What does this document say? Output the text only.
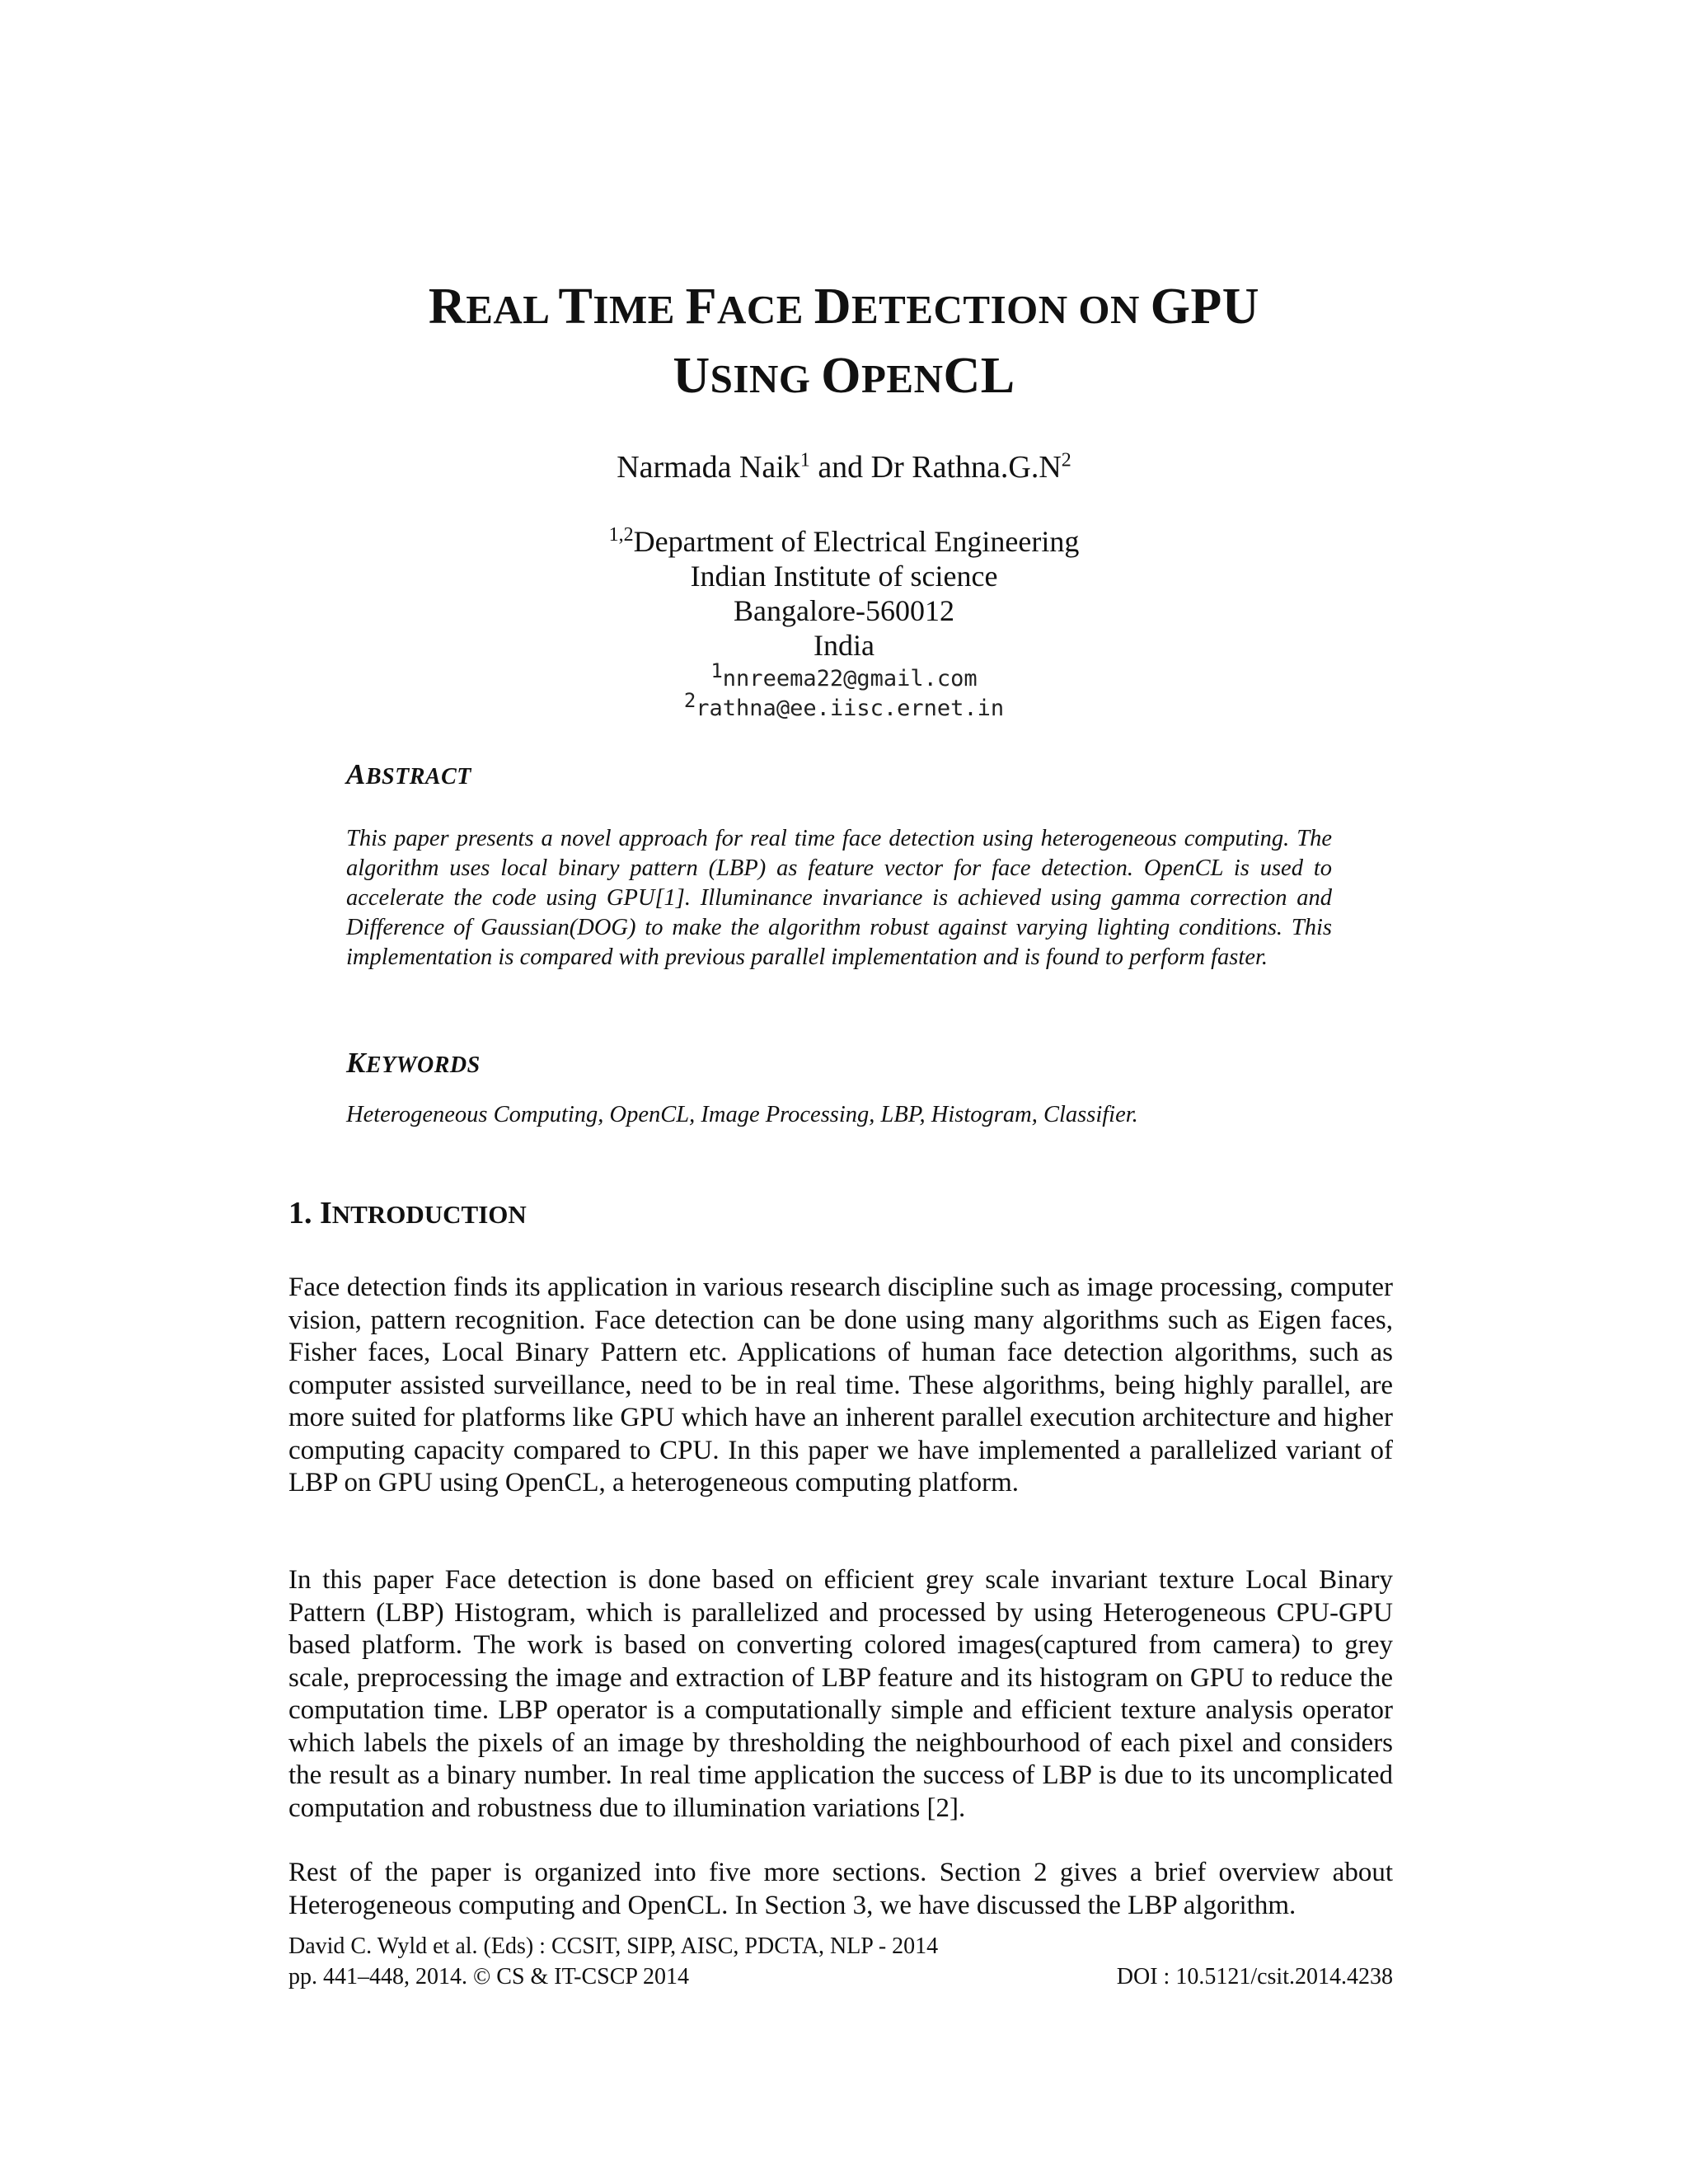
REAL TIME FACE DETECTION ON GPU
USING OPENCL
Narmada Naik$^1$ and Dr $Rathna.G.N^2$
$^{1,2}$Department of Electrical Engineering
Indian Institute of science
Bangalore-560012
India
$^1$nnreema22@gmail.com
$^2$rathna@ee.iisc.ernet.in
ABSTRACT
This paper presents a novel approach for real time face detection using heterogeneous computing. The algorithm uses local binary pattern (LBP) as feature vector for face detection. OpenCL is used to accelerate the code using GPU[1]. Illuminance invariance is achieved using gamma correction and Difference of Gaussian(DOG) to make the algorithm robust against varying lighting conditions. This implementation is compared with previous parallel implementation and is found to perform faster.
KEYWORDS
Heterogeneous Computing, OpenCL, Image Processing, LBP, Histogram, Classifier.
1. INTRODUCTION
Face detection finds its application in various research discipline such as image processing, computer vision, pattern recognition. Face detection can be done using many algorithms such as Eigen faces, Fisher faces, Local Binary Pattern etc. Applications of human face detection algorithms, such as computer assisted surveillance, need to be in real time. These algorithms, being highly parallel, are more suited for platforms like GPU which have an inherent parallel execution architecture and higher computing capacity compared to CPU. In this paper we have implemented a parallelized variant of LBP on GPU using OpenCL, a heterogeneous computing platform.
In this paper Face detection is done based on efficient grey scale invariant texture Local Binary Pattern (LBP) Histogram, which is parallelized and processed by using Heterogeneous CPU-GPU based platform. The work is based on converting colored images(captured from camera) to grey scale, preprocessing the image and extraction of LBP feature and its histogram on GPU to reduce the computation time. LBP operator is a computationally simple and efficient texture analysis operator which labels the pixels of an image by thresholding the neighbourhood of each pixel and considers the result as a binary number. In real time application the success of LBP is due to its uncomplicated computation and robustness due to illumination variations [2].
Rest of the paper is organized into five more sections. Section 2 gives a brief overview about Heterogeneous computing and OpenCL. In Section 3, we have discussed the LBP algorithm.
David C. Wyld et al. (Eds) : CCSIT, SIPP, AISC, PDCTA, NLP - 2014
pp. 441–448, 2014. © CS & IT-CSCP 2014	DOI : 10.5121/csit.2014.4238
